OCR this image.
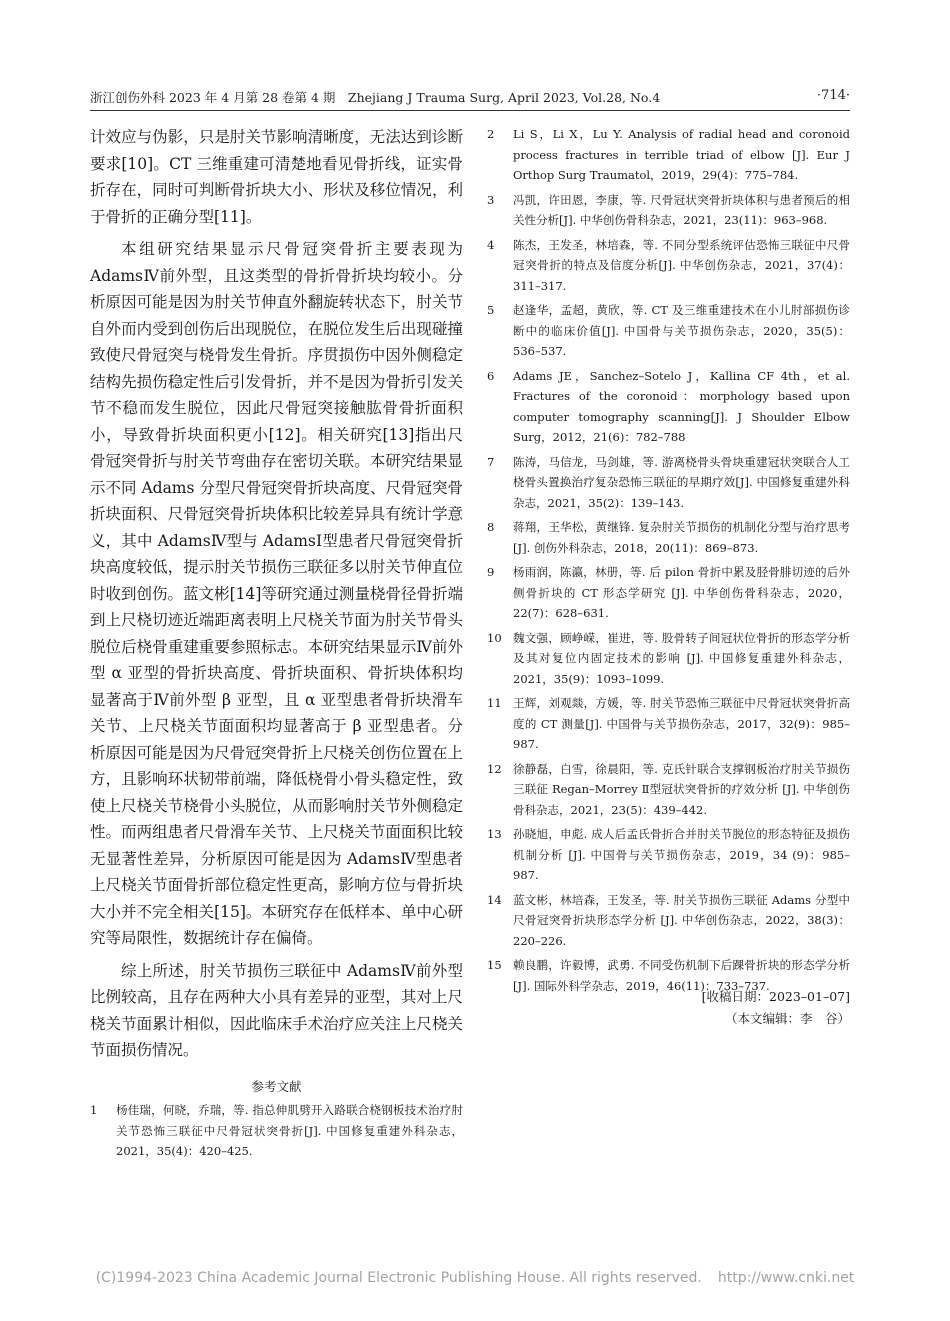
浙江创伤外科 2023 年 4 月第 28 卷第 4 期　Zhejiang J Trauma Surg, April 2023, Vol.28, No.4	·714·

计效应与伪影，只是肘关节影响清晰度，无法达到诊断要求[10]。CT 三维重建可清楚地看见骨折线，证实骨折存在，同时可判断骨折块大小、形状及移位情况，利于骨折的正确分型[11]。

本组研究结果显示尺骨冠突骨折主要表现为 AdamsⅣ前外型，且这类型的骨折骨折块均较小。分析原因可能是因为肘关节伸直外翻旋转状态下，肘关节自外而内受到创伤后出现脱位，在脱位发生后出现碰撞致使尺骨冠突与桡骨发生骨折。序贯损伤中因外侧稳定结构先损伤稳定性后引发骨折，并不是因为骨折引发关节不稳而发生脱位，因此尺骨冠突接触肱骨骨折面积小，导致骨折块面积更小[12]。相关研究[13]指出尺骨冠突骨折与肘关节弯曲存在密切关联。本研究结果显示不同 Adams 分型尺骨冠突骨折块高度、尺骨冠突骨折块面积、尺骨冠突骨折块体积比较差异具有统计学意义，其中 AdamsⅣ型与 AdamsⅠ型患者尺骨冠突骨折块高度较低，提示肘关节损伤三联征多以肘关节伸直位时收到创伤。蓝文彬[14]等研究通过测量桡骨径骨折端到上尺桡切迹近端距离表明上尺桡关节面为肘关节骨头脱位后桡骨重建重要参照标志。本研究结果显示Ⅳ前外型 α 亚型的骨折块高度、骨折块面积、骨折块体积均显著高于Ⅳ前外型 β 亚型，且 α 亚型患者骨折块滑车关节、上尺桡关节面面积均显著高于 β 亚型患者。分析原因可能是因为尺骨冠突骨折上尺桡关创伤位置在上方，且影响环状韧带前端，降低桡骨小骨头稳定性，致使上尺桡关节桡骨小头脱位，从而影响肘关节外侧稳定性。而两组患者尺骨滑车关节、上尺桡关节面面积比较无显著性差异，分析原因可能是因为 AdamsⅣ型患者上尺桡关节面骨折部位稳定性更高，影响方位与骨折块大小并不完全相关[15]。本研究存在低样本、单中心研究等局限性，数据统计存在偏倚。

综上所述，肘关节损伤三联征中 AdamsⅣ前外型比例较高，且存在两种大小具有差异的亚型，其对上尺桡关节面累计相似，因此临床手术治疗应关注上尺桡关节面损伤情况。

参考文献
1 杨佳瑞，何晓，乔瑞，等. 指总伸肌劈开入路联合桡钢板技术治疗肘关节恐怖三联征中尺骨冠状突骨折[J]. 中国修复重建外科杂志，2021，35(4)：420–425.
2 Li S，Li X，Lu Y. Analysis of radial head and coronoid process fractures in terrible triad of elbow [J]. Eur J Orthop Surg Traumatol，2019，29(4)：775–784.
3 冯凯，许田恩，李康，等. 尺骨冠状突骨折块体积与患者预后的相关性分析[J]. 中华创伤骨科杂志，2021，23(11)：963–968.
4 陈杰，王发圣，林培森，等. 不同分型系统评估恐怖三联征中尺骨冠突骨折的特点及信度分析[J]. 中华创伤杂志，2021，37(4)：311–317.
5 赵逢华，孟超，黄欣，等. CT 及三维重建技术在小儿肘部损伤诊断中的临床价值[J]. 中国骨与关节损伤杂志，2020，35(5)：536–537.
6 Adams JE，Sanchez–Sotelo J，Kallina CF 4th，et al. Fractures of the coronoid：morphology based upon computer tomography scanning[J]. J Shoulder Elbow Surg，2012，21(6)：782–788
7 陈涛，马信龙，马剑雄，等. 游离桡骨头骨块重建冠状突联合人工桡骨头置换治疗复杂恐怖三联征的早期疗效[J]. 中国修复重建外科杂志，2021，35(2)：139–143.
8 蒋翔，王华松，黄继锋. 复杂肘关节损伤的机制化分型与治疗思考[J]. 创伤外科杂志，2018，20(11)：869–873.
9 杨雨润，陈瀛，林册，等. 后 pilon 骨折中累及胫骨腓切迹的后外侧骨折块的 CT 形态学研究 [J]. 中华创伤骨科杂志，2020，22(7)：628–631.
10 魏文强，顾峥嵘，崔进，等. 股骨转子间冠状位骨折的形态学分析及其对复位内固定技术的影响 [J]. 中国修复重建外科杂志，2021，35(9)：1093–1099.
11 王辉，刘观燚，方媛，等. 肘关节恐怖三联征中尺骨冠状突骨折高度的 CT 测量[J]. 中国骨与关节损伤杂志，2017，32(9)：985–987.
12 徐静磊，白雪，徐晨阳，等. 克氏针联合支撑钢板治疗肘关节损伤三联征 Regan–Morrey Ⅱ型冠状突骨折的疗效分析 [J]. 中华创伤骨科杂志，2021，23(5)：439–442.
13 孙晓旭，申彪. 成人后孟氏骨折合并肘关节脱位的形态特征及损伤机制分析 [J]. 中国骨与关节损伤杂志，2019，34 (9)：985–987.
14 蓝文彬，林培森，王发圣，等. 肘关节损伤三联征 Adams 分型中尺骨冠突骨折块形态学分析 [J]. 中华创伤杂志，2022，38(3)：220–226.
15 赖良鹏，许毅博，武勇. 不同受伤机制下后踝骨折块的形态学分析[J]. 国际外科学杂志，2019，46(11)：733–737.
[收稿日期：2023–01–07]
（本文编辑：李　谷）
(C)1994-2023 China Academic Journal Electronic Publishing House. All rights reserved. http://www.cnki.net
